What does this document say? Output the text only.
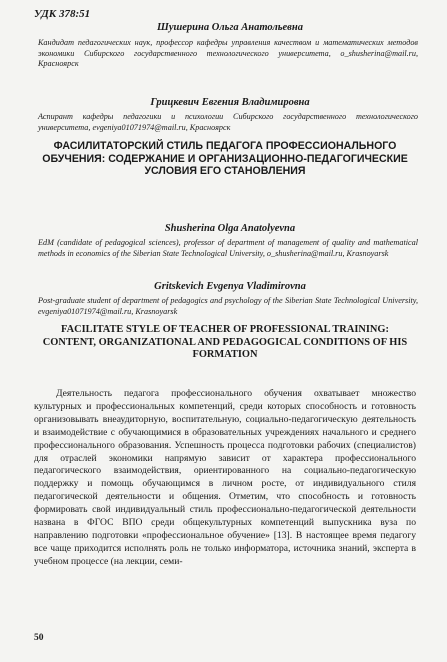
УДК 378:51
Шушерина Ольга Анатольевна
Кандидат педагогических наук, профессор кафедры управления качеством и математических методов экономики Сибирского государственного технологического университета, o_shusherina@mail.ru, Красноярск
Грицкевич Евгения Владимировна
Аспирант кафедры педагогики и психологии Сибирского государственного технологического университета, evgeniya01071974@mail.ru, Красноярск
ФАСИЛИТАТОРСКИЙ СТИЛЬ ПЕДАГОГА ПРОФЕССИОНАЛЬНОГО ОБУЧЕНИЯ: СОДЕРЖАНИЕ И ОРГАНИЗАЦИОННО-ПЕДАГОГИЧЕСКИЕ УСЛОВИЯ ЕГО СТАНОВЛЕНИЯ
Shusherina Olga Anatolyevna
EdM (candidate of pedagogical sciences), professor of department of management of quality and mathematical methods in economics of the Siberian State Technological University, o_shusherina@mail.ru, Krasnoyarsk
Gritskevich Evgenya Vladimirovna
Post-graduate student of department of pedagogics and psychology of the Siberian State Technological University, evgeniya01071974@mail.ru, Krasnoyarsk
FACILITATE STYLE OF TEACHER OF PROFESSIONAL TRAINING: CONTENT, ORGANIZATIONAL AND PEDAGOGICAL CONDITIONS OF HIS FORMATION
Деятельность педагога профессионального обучения охватывает множество культурных и профессиональных компетенций, среди которых способность и готовность организовывать внеаудиторную, воспитательную, социально-педагогическую деятельность и взаимодействие с обучающимися в образовательных учреждениях начального и среднего профессионального образования. Успешность процесса подготовки рабочих (специалистов) для отраслей экономики напрямую зависит от характера профессионального педагогического взаимодействия, ориентированного на социально-педагогическую поддержку и помощь обучающимся в личном росте, от индивидуального стиля педагогической деятельности и общения. Отметим, что способность и готовность формировать свой индивидуальный стиль профессионально-педагогической деятельности названа в ФГОС ВПО среди общекультурных компетенций выпускника вуза по направлению подготовки «профессиональное обучение» [13]. В настоящее время педагогу все чаще приходится исполнять роль не только информатора, источника знаний, эксперта в учебном процессе (на лекции, семи-
50
